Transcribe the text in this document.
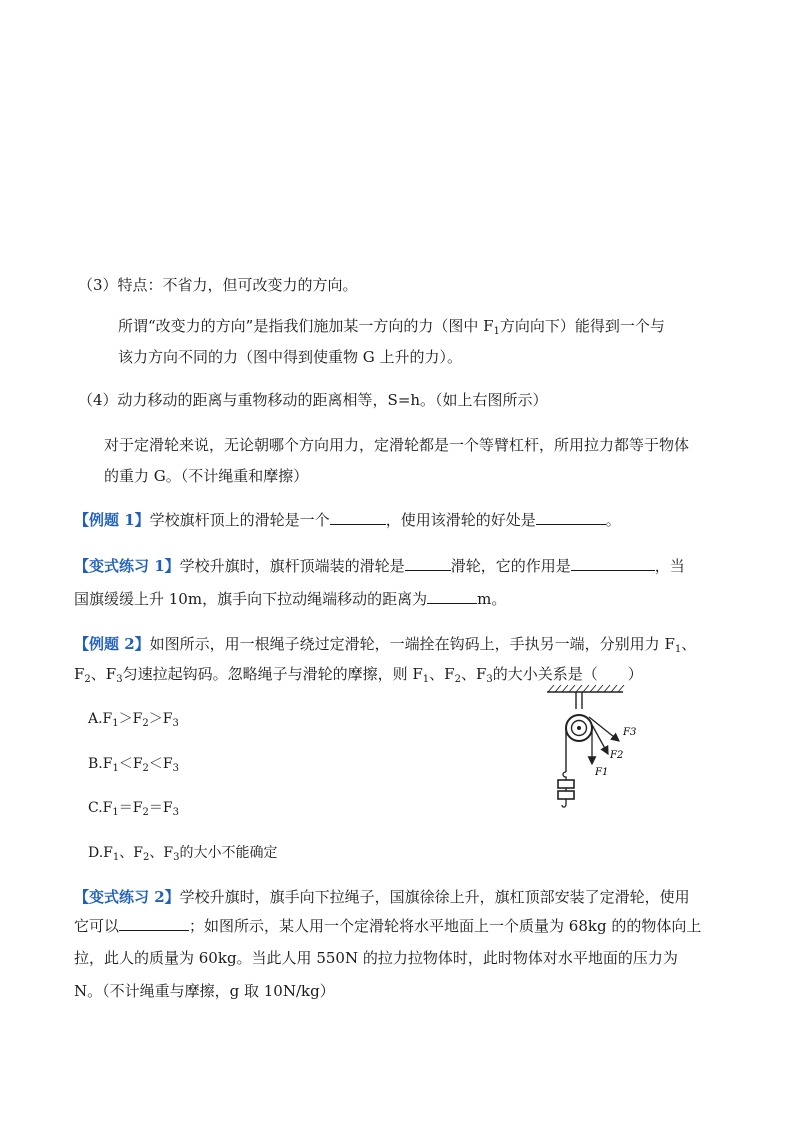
（3）特点：不省力，但可改变力的方向。
所谓“改变力的方向”是指我们施加某一方向的力（图中 $F_1$方向向下）能得到一个与
该力方向不同的力（图中得到使重物 G 上升的力）。
（4）动力移动的距离与重物移动的距离相等，S=h。（如上右图所示）
对于定滑轮来说，无论朝哪个方向用力，定滑轮都是一个等臂杠杆，所用拉力都等于物体
的重力 G。（不计绳重和摩擦）
【例题 1】学校旗杆顶上的滑轮是一个	，使用该滑轮的好处是	。
【变式练习 1】学校升旗时，旗杆顶端装的滑轮是	滑轮，它的作用是	，当
国旗缓缓上升 10m，旗手向下拉动绳端移动的距离为	m。
【例题 2】如图所示，用一根绳子绕过定滑轮，一端拴在钩码上，手执另一端，分别用力 $F_1$、
$F_2$、$F_3$匀速拉起钩码。忽略绳子与滑轮的摩擦，则 $F_1$、$F_2$、$F_3$的大小关系是（　　）
$A.F_1>F_2>F_3$
$B.F_1<F_2<F_3$
$C.F_1=F_2=F_3$
$D.F_1$、$F_2$、$F_3$的大小不能确定
F1
F2
F3
【变式练习 2】学校升旗时，旗手向下拉绳子，国旗徐徐上升，旗杠顶部安装了定滑轮，使用
它可以	；如图所示，某人用一个定滑轮将水平地面上一个质量为 68kg 的的物体向上
拉，此人的质量为 60kg。当此人用 550N 的拉力拉物体时，此时物体对水平地面的压力为
N。（不计绳重与摩擦，g 取 10N/kg）
